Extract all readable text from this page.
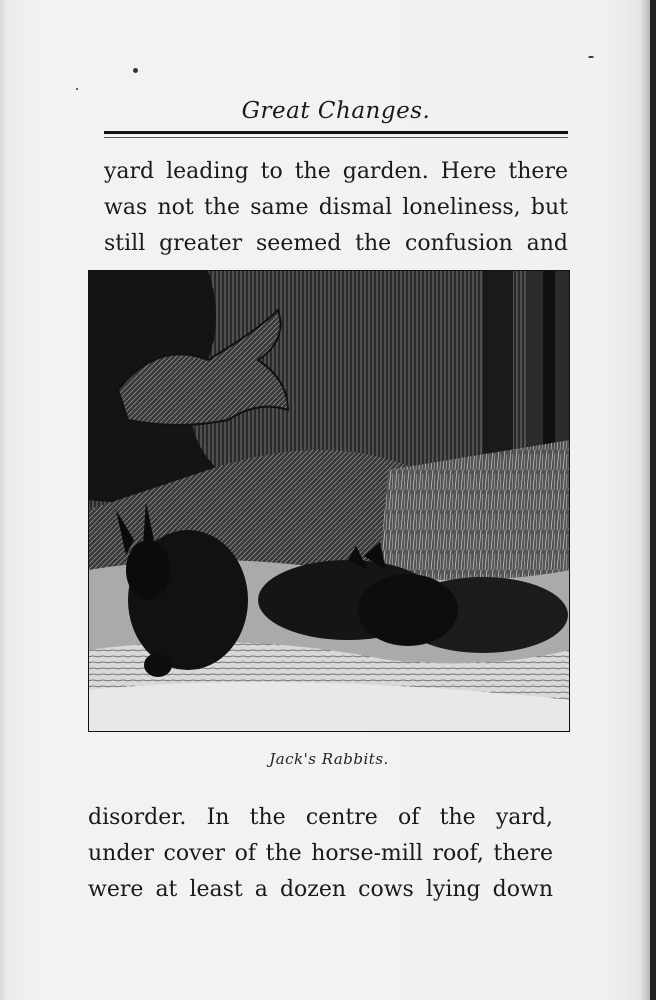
Great Changes.
yard leading to the garden. Here there
was not the same dismal loneliness, but
still greater seemed the confusion and
Jack's Rabbits.
disorder. In the centre of the yard,
under cover of the horse-mill roof, there
were at least a dozen cows lying down
